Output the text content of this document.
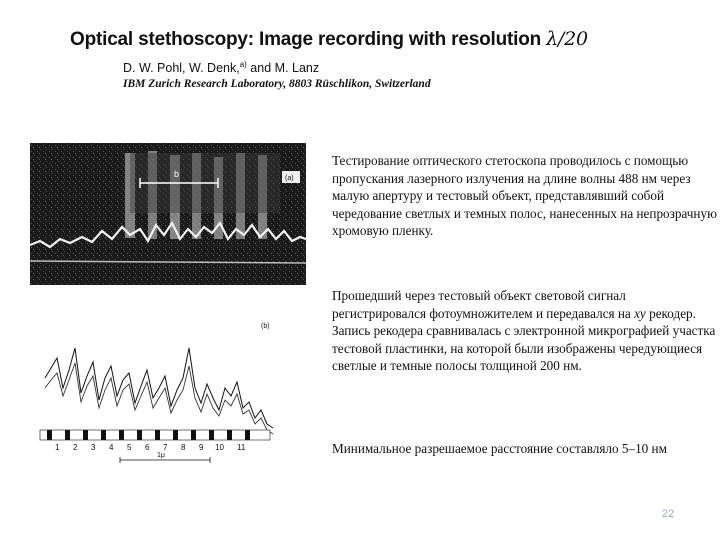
Optical stethoscopy: Image recording with resolution λ/20
D. W. Pohl, W. Denk,$^{a)}$ and M. Lanz
IBM Zurich Research Laboratory, 8803 Rüschlikon, Switzerland
b	(a)
(b)
1 2 3 4 5 6 7 8 9 10 11
1μ
Тестирование оптического стетоскопа проводилось с помощью пропускания лазерного излучения на длине волны 488 нм через малую апертуру и тестовый объект, представлявший собой чередование светлых и темных полос, нанесенных на непрозрачную хромовую пленку.
Прошедший через тестовый объект световой сигнал регистрировался фотоумножителем и передавался на xy рекодер. Запись рекодера сравнивалась с электронной микрографией участка тестовой пластинки, на которой были изображены чередующиеся светлые и темные полосы толщиной 200 нм.
Минимальное разрешаемое расстояние составляло 5–10 нм
22
